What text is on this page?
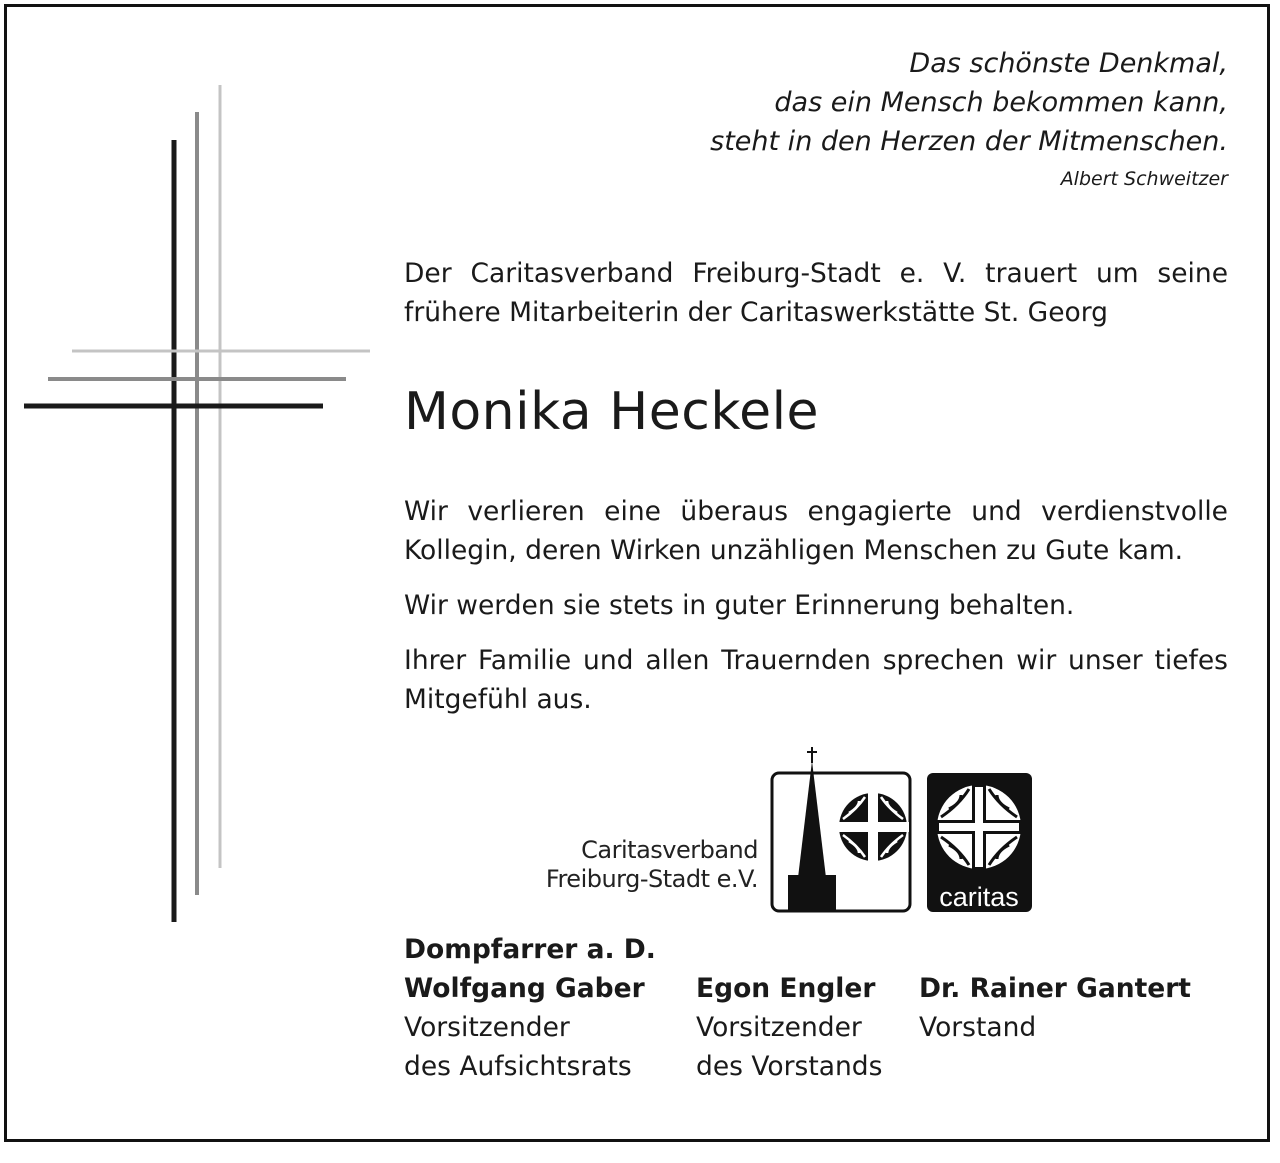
Das schönste Denkmal,
das ein Mensch bekommen kann,
steht in den Herzen der Mitmenschen.
Albert Schweitzer
Der Caritasverband Freiburg-Stadt e. V. trauert um seine frühere Mitarbeiterin der Caritaswerkstätte St. Georg
Monika Heckele

Wir verlieren eine überaus engagierte und verdienstvolle Kollegin, deren Wirken unzähligen Menschen zu Gute kam.

Wir werden sie stets in guter Erinnerung behalten.

Ihrer Familie und allen Trauernden sprechen wir unser tiefes Mitgefühl aus.

Caritasverband
Freiburg-Stadt e.V.
caritas
Dompfarrer a. D.
Wolfgang Gaber
Vorsitzender
des Aufsichtsrats
Egon Engler
Vorsitzender
des Vorstands
Dr. Rainer Gantert
Vorstand
